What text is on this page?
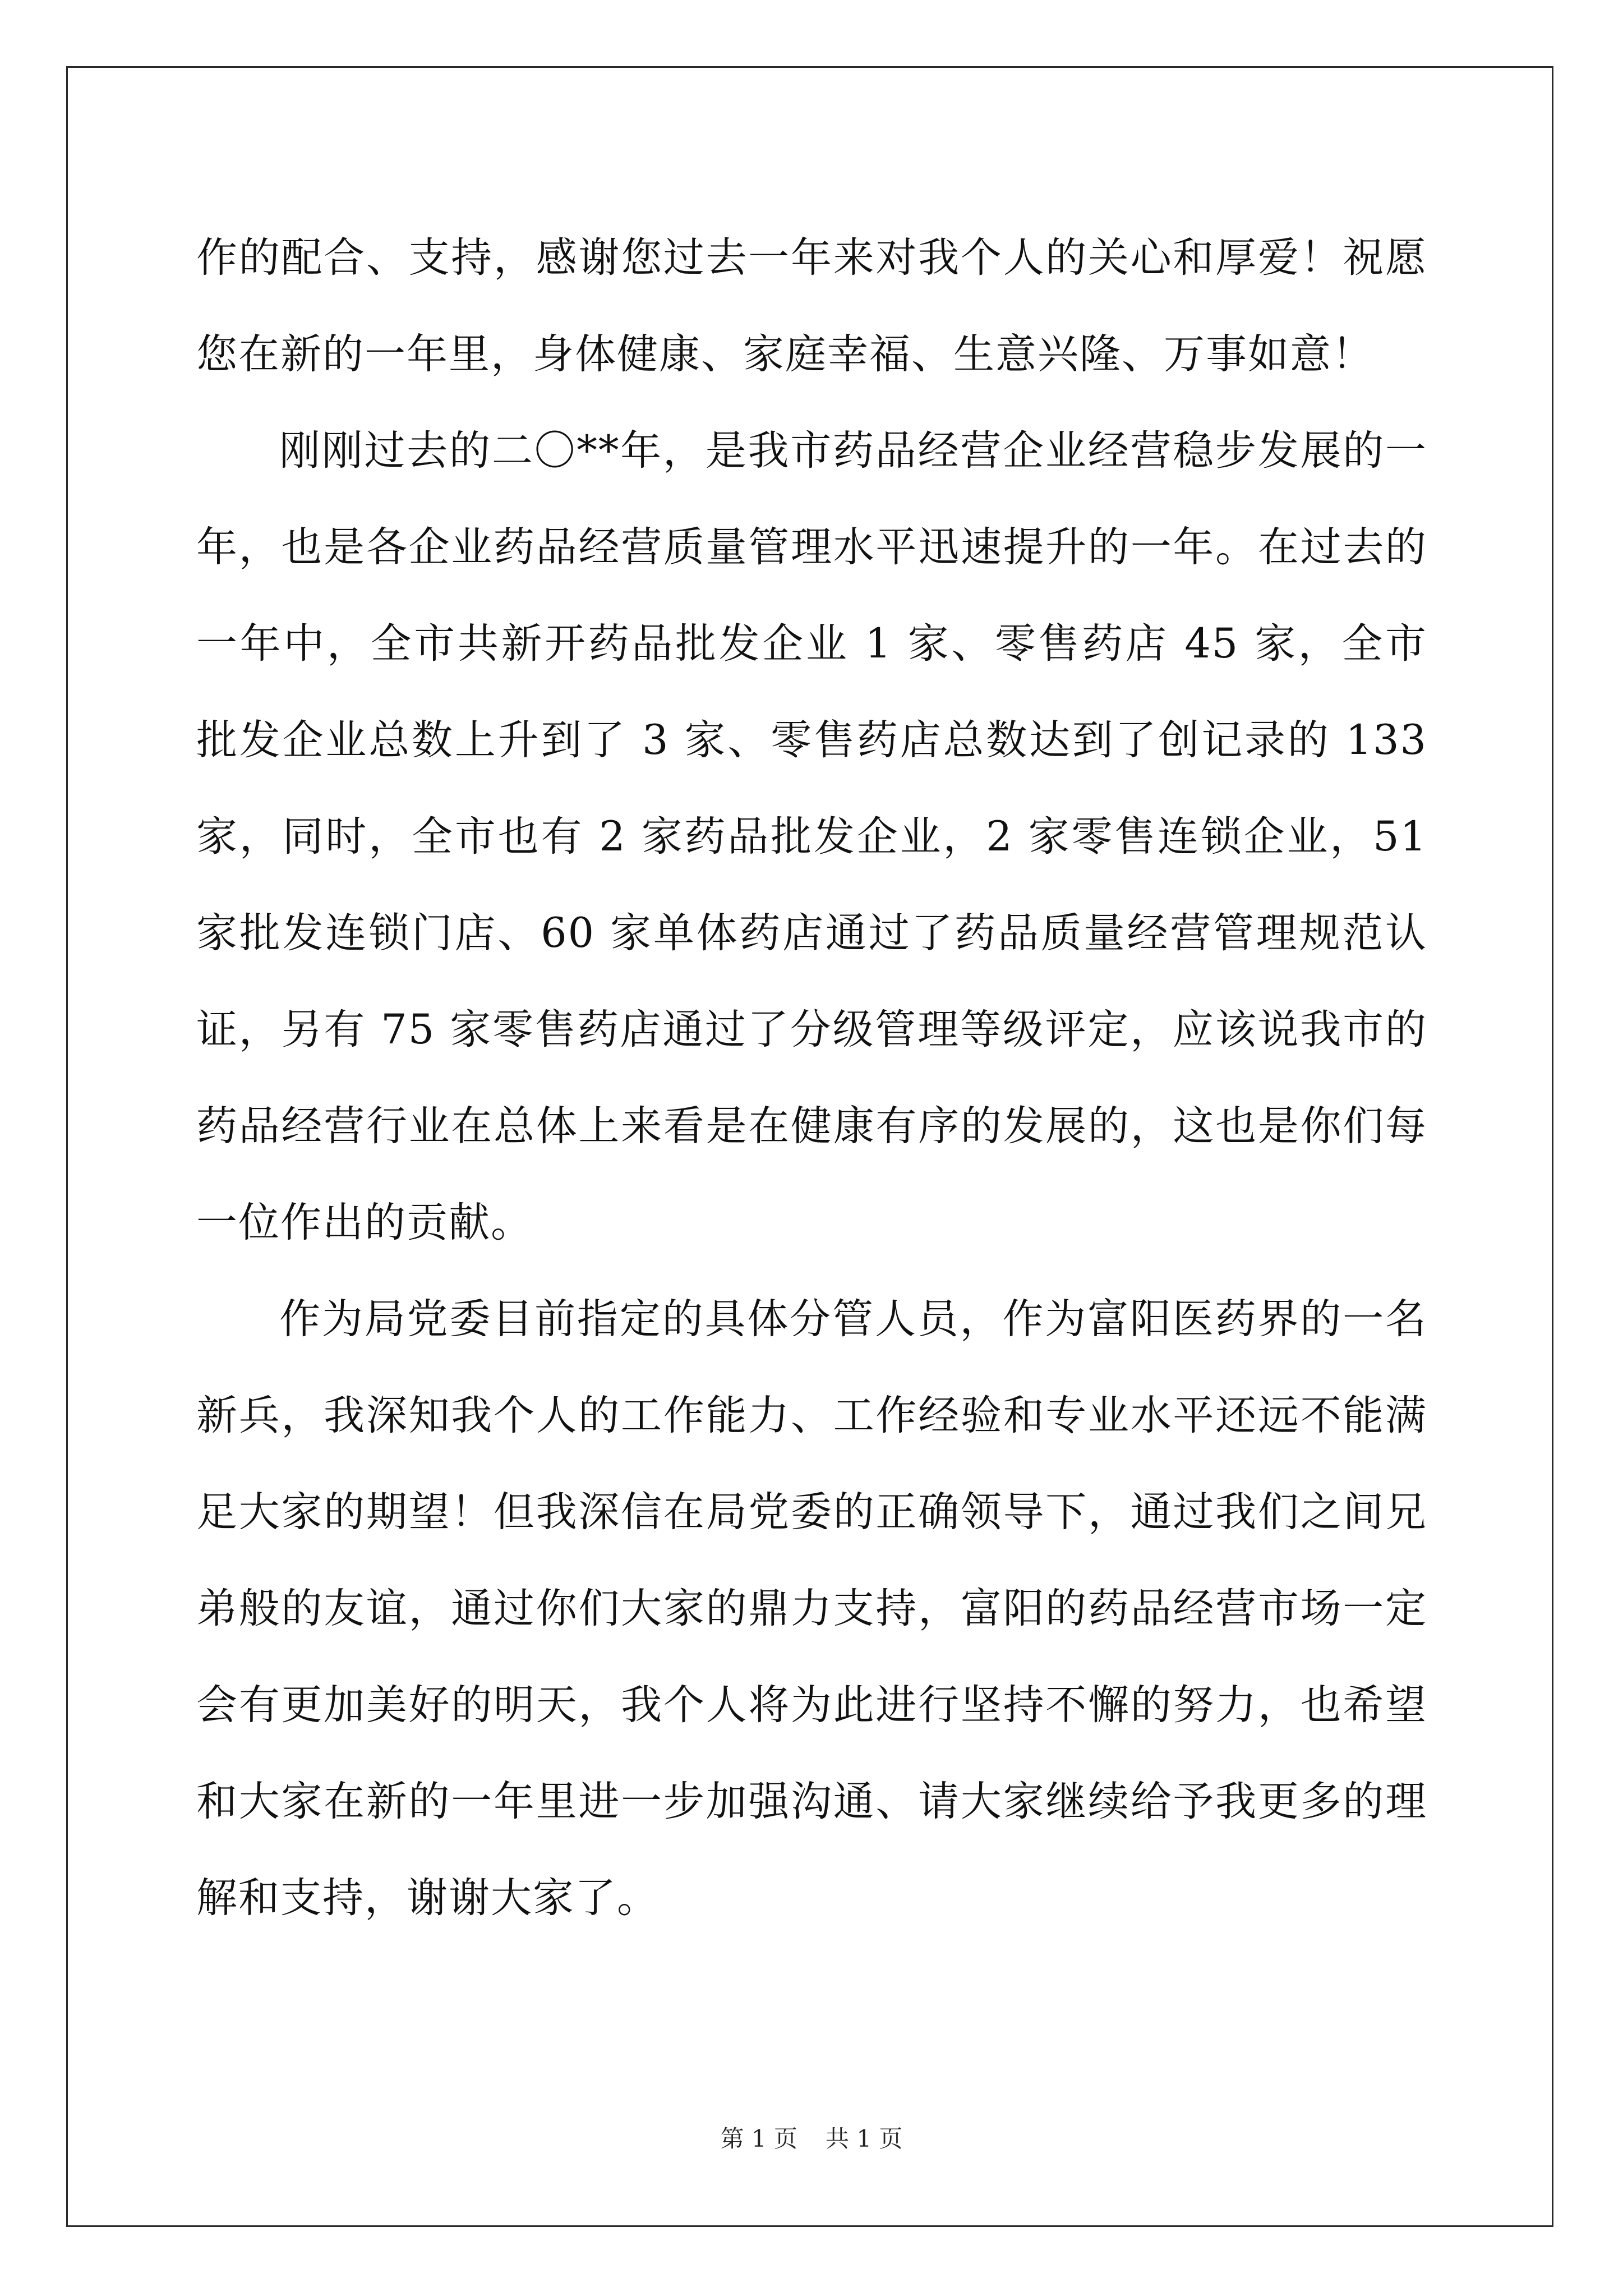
作的配合、支持，感谢您过去一年来对我个人的关心和厚爱！祝愿您在新的一年里，身体健康、家庭幸福、生意兴隆、万事如意！

刚刚过去的二〇**年，是我市药品经营企业经营稳步发展的一年，也是各企业药品经营质量管理水平迅速提升的一年。在过去的一年中，全市共新开药品批发企业 1 家、零售药店 45 家，全市批发企业总数上升到了 3 家、零售药店总数达到了创记录的 133 家，同时，全市也有 2 家药品批发企业，2 家零售连锁企业，51 家批发连锁门店、60 家单体药店通过了药品质量经营管理规范认证，另有 75 家零售药店通过了分级管理等级评定，应该说我市的药品经营行业在总体上来看是在健康有序的发展的，这也是你们每一位作出的贡献。

作为局党委目前指定的具体分管人员，作为富阳医药界的一名新兵，我深知我个人的工作能力、工作经验和专业水平还远不能满足大家的期望！但我深信在局党委的正确领导下，通过我们之间兄弟般的友谊，通过你们大家的鼎力支持，富阳的药品经营市场一定会有更加美好的明天，我个人将为此进行坚持不懈的努力，也希望和大家在新的一年里进一步加强沟通、请大家继续给予我更多的理解和支持，谢谢大家了。

第 1 页 共 1 页
